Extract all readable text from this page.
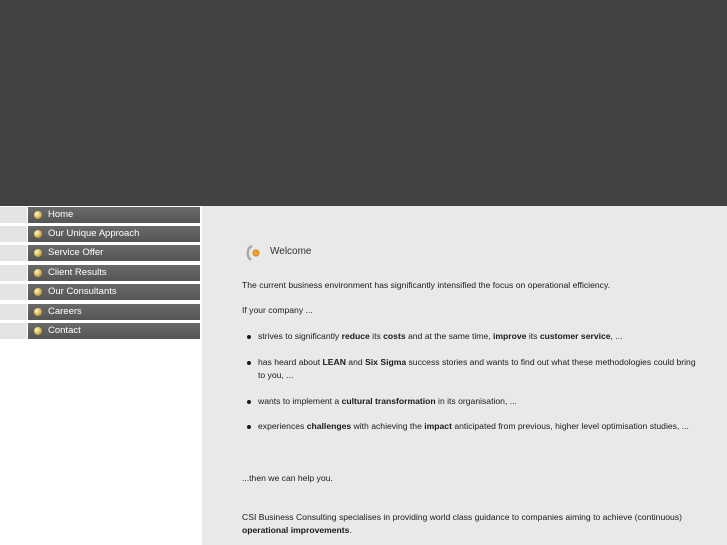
Home
Our Unique Approach
Service Offer
Client Results
Our Consultants
Careers
Contact
Welcome

The current business environment has significantly intensified the focus on operational efficiency.

If your company ...

strives to significantly reduce its costs and at the same time, improve its customer service, ...
has heard about LEAN and Six Sigma success stories and wants to find out what these methodologies could bring to you, ...
wants to implement a cultural transformation in its organisation, ...
experiences challenges with achieving the impact anticipated from previous, higher level optimisation studies, ...

...then we can help you.

CSI Business Consulting specialises in providing world class guidance to companies aiming to achieve (continuous) operational improvements.
